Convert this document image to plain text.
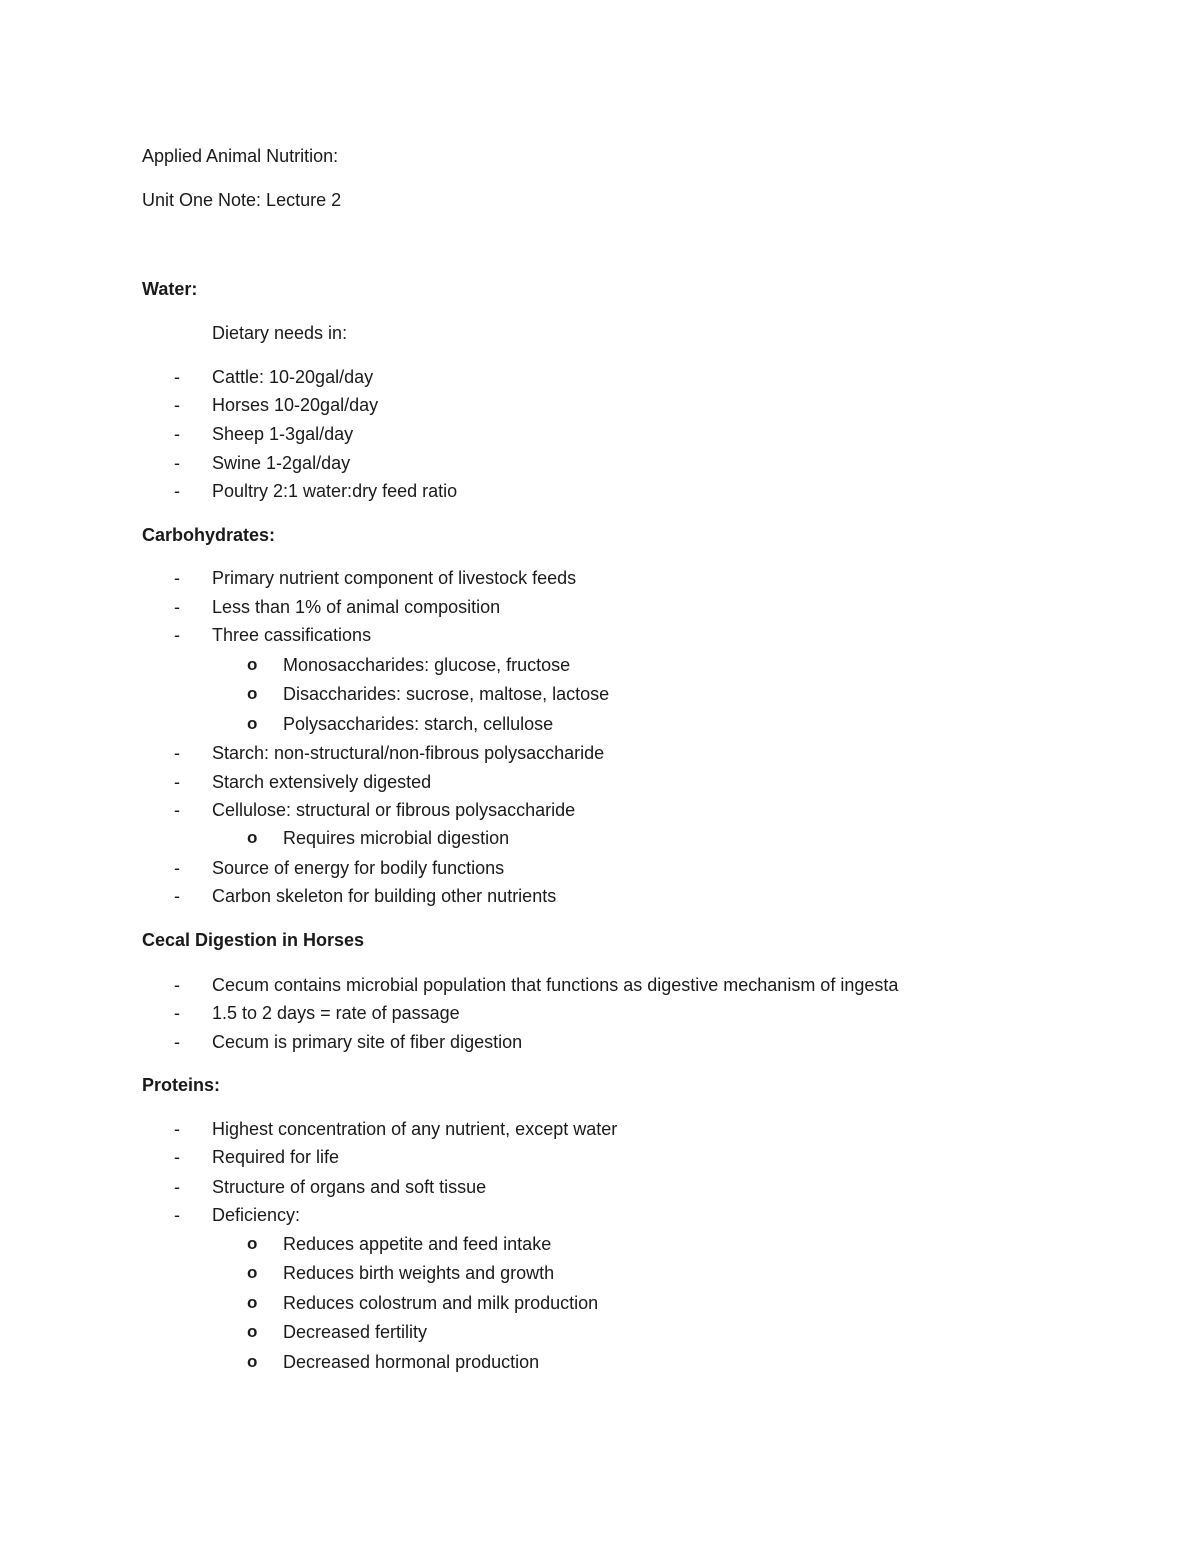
Applied Animal Nutrition:
Unit One Note: Lecture 2
Water:
Dietary needs in:
-
Cattle: 10-20gal/day
-
Horses 10-20gal/day
-
Sheep 1-3gal/day
-
Swine 1-2gal/day
-
Poultry 2:1 water:dry feed ratio
Carbohydrates:
-
Primary nutrient component of livestock feeds
-
Less than 1% of animal composition
-
Three cassifications
o Monosaccharides: glucose, fructose
o Disaccharides: sucrose, maltose, lactose
o Polysaccharides: starch, cellulose
-
Starch: non-structural/non-fibrous polysaccharide
-
Starch extensively digested
-
Cellulose: structural or fibrous polysaccharide
o Requires microbial digestion
-
Source of energy for bodily functions
-
Carbon skeleton for building other nutrients
Cecal Digestion in Horses
-
Cecum contains microbial population that functions as digestive mechanism of ingesta
-
1.5 to 2 days = rate of passage
-
Cecum is primary site of fiber digestion
Proteins:
-
Highest concentration of any nutrient, except water
-
Required for life
-
Structure of organs and soft tissue
-
Deficiency:
o Reduces appetite and feed intake
o Reduces birth weights and growth
o Reduces colostrum and milk production
o Decreased fertility
o Decreased hormonal production
